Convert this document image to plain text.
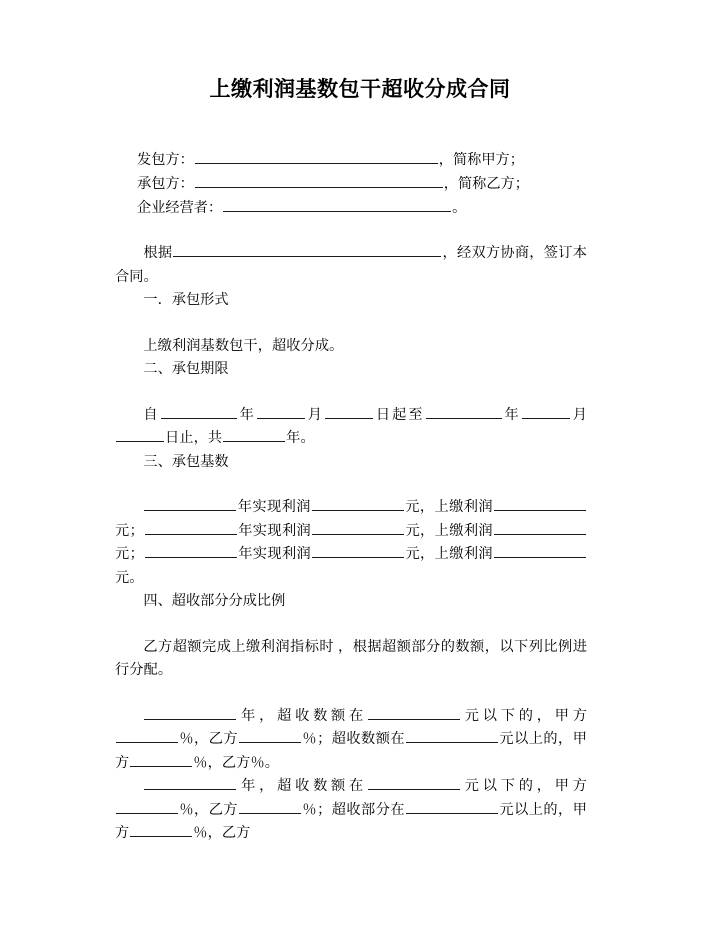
上缴利润基数包干超收分成合同

发包方：	，简称甲方；

承包方：	，简称乙方；

企业经营者：	。

根据	，经双方协商，签订本合同。

一．承包形式

上缴利润基数包干，超收分成。

二、承包期限

自	年	月	日起至	年	月日止，共	年。

三、承包基数

年实现利润	元，上缴利润元；	年实现利润	元，上缴利润元；	年实现利润	元，上缴利润元。

四、超收部分分成比例

乙方超额完成上缴利润指标时 ，根据超额部分的数额，以下列比例进行分配。

年，超收数额在	元以下的，甲方％，乙方	％；超收数额在	元以上的，甲方	％，乙方％。

年，超收数额在	元以下的，甲方％，乙方	％；超收部分在	元以上的，甲方	％，乙方
